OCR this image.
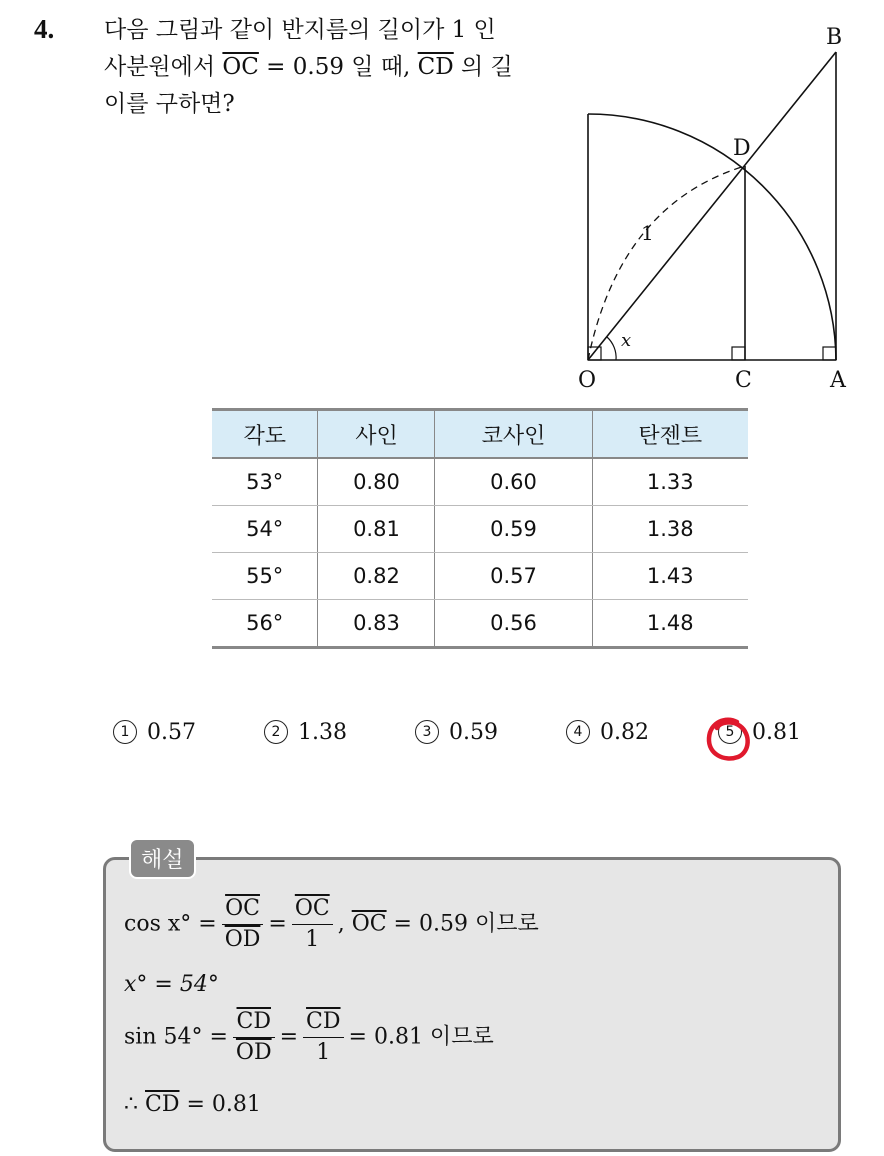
4. 다음 그림과 같이 반지름의 길이가 1 인
사분원에서 $\overline{OC} = 0.59$ 일 때, $\overline{CD}$ 의 길
이를 구하면?
B
D
O	C	A
1
x
각도	사인	코사인	탄젠트
53°	0.80	0.60	1.33
54°	0.81	0.59	1.38
55°	0.82	0.57	1.43
56°	0.83	0.56	1.48
1 0.57	2 1.38	3 0.59	4 0.82	5 0.81
해설
$\cos x^\circ = \frac{\overline{OC}}{OD} = \frac{\overline{OC}}{1}$ , $\overline{OC} = 0.59$ 이므로
x° = 54°
$\sin 54^\circ = \frac{\overline{CD}}{OD} = \frac{\overline{CD}}{1} = 0.81$ 이므로
∴ $\overline{CD} = 0.81$
